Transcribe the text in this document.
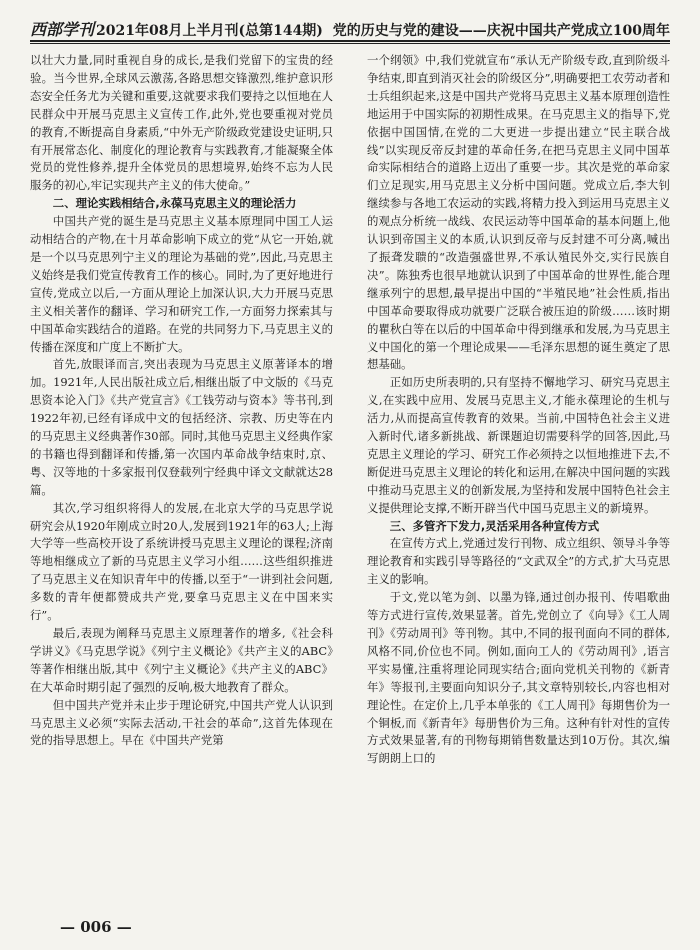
西部学刊 2021年08月上半月刊(总第144期) 党的历史与党的建设——庆祝中国共产党成立100周年

以壮大力量,同时重视自身的成长,是我们党留下的宝贵的经验。当今世界,全球风云激荡,各路思想交锋激烈,维护意识形态安全任务尤为关键和重要,这就要求我们要持之以恒地在人民群众中开展马克思主义宣传工作,此外,党也要重视对党员的教育,不断提高自身素质,“中外无产阶级政党建设史证明,只有开展常态化、制度化的理论教育与实践教育,才能凝聚全体党员的党性修养,提升全体党员的思想境界,始终不忘为人民服务的初心,牢记实现共产主义的伟大使命。”

二、理论实践相结合,永葆马克思主义的理论活力

中国共产党的诞生是马克思主义基本原理同中国工人运动相结合的产物,在十月革命影响下成立的党“从它一开始,就是一个以马克思列宁主义的理论为基础的党”,因此,马克思主义始终是我们党宣传教育工作的核心。同时,为了更好地进行宣传,党成立以后,一方面从理论上加深认识,大力开展马克思主义相关著作的翻译、学习和研究工作,一方面努力探索其与中国革命实践结合的道路。在党的共同努力下,马克思主义的传播在深度和广度上不断扩大。

首先,放眼译而言,突出表现为马克思主义原著译本的增加。1921年,人民出版社成立后,相继出版了中文版的《马克思资本论入门》《共产党宣言》《工钱劳动与资本》等书刊,到1922年初,已经有译成中文的包括经济、宗教、历史等在内的马克思主义经典著作30部。同时,其他马克思主义经典作家的书籍也得到翻译和传播,第一次国内革命战争结束时,京、粤、汉等地的十多家报刊仅登载列宁经典中译文文献就达28篇。

其次,学习组织将得人的发展,在北京大学的马克思学说研究会从1920年刚成立时20人,发展到1921年的63人;上海大学等一些高校开设了系统讲授马克思主义理论的课程;济南等地相继成立了新的马克思主义学习小组……这些组织推进了马克思主义在知识青年中的传播,以至于“一讲到社会问题,多数的青年便都赞成共产党,要拿马克思主义在中国来实行”。

最后,表现为阐释马克思主义原理著作的增多,《社会科学讲义》《马克思学说》《列宁主义概论》《共产主义的ABC》等著作相继出版,其中《列宁主义概论》《共产主义的ABC》在大革命时期引起了强烈的反响,极大地教育了群众。

但中国共产党并未止步于理论研究,中国共产党人认识到马克思主义必须“实际去活动,干社会的革命”,这首先体现在党的指导思想上。早在《中国共产党第

一个纲领》中,我们党就宣布“承认无产阶级专政,直到阶级斗争结束,即直到消灭社会的阶级区分”,明确要把工农劳动者和士兵组织起来,这是中国共产党将马克思主义基本原理创造性地运用于中国实际的初期性成果。在马克思主义的指导下,党依据中国国情,在党的二大更进一步提出建立“民主联合战线”以实现反帝反封建的革命任务,在把马克思主义同中国革命实际相结合的道路上迈出了重要一步。其次是党的革命家们立足现实,用马克思主义分析中国问题。党成立后,李大钊继续参与各地工农运动的实践,将精力投入到运用马克思主义的观点分析统一战线、农民运动等中国革命的基本问题上,他认识到帝国主义的本质,认识到反帝与反封建不可分离,喊出了振聋发聩的“改造强盛世界,不承认殖民外交,实行民族自决”。陈独秀也很早地就认识到了中国革命的世界性,能合理继承列宁的思想,最早提出中国的“半殖民地”社会性质,指出中国革命要取得成功就要广泛联合被压迫的阶级……该时期的瞿秋白等在以后的中国革命中得到继承和发展,为马克思主义中国化的第一个理论成果——毛泽东思想的诞生奠定了思想基础。

正如历史所表明的,只有坚持不懈地学习、研究马克思主义,在实践中应用、发展马克思主义,才能永葆理论的生机与活力,从而提高宣传教育的效果。当前,中国特色社会主义进入新时代,诸多新挑战、新课题迫切需要科学的回答,因此,马克思主义理论的学习、研究工作必须持之以恒地推进下去,不断促进马克思主义理论的转化和运用,在解决中国问题的实践中推动马克思主义的创新发展,为坚持和发展中国特色社会主义提供理论支撑,不断开辟当代中国马克思主义的新境界。

三、多管齐下发力,灵活采用各种宣传方式

在宣传方式上,党通过发行刊物、成立组织、领导斗争等理论教育和实践引导等路径的“文武双全”的方式,扩大马克思主义的影响。

于文,党以笔为剑、以墨为锋,通过创办报刊、传唱歌曲等方式进行宣传,效果显著。首先,党创立了《向导》《工人周刊》《劳动周刊》等刊物。其中,不同的报刊面向不同的群体,风格不同,价位也不同。例如,面向工人的《劳动周刊》,语言平实易懂,注重将理论同现实结合;面向党机关刊物的《新青年》等报刊,主要面向知识分子,其文章特别较长,内容也相对理论性。在定价上,几乎本单张的《工人周刊》每期售价为一个铜板,而《新青年》每册售价为三角。这种有针对性的宣传方式效果显著,有的刊物每期销售数量达到10万份。其次,编写朗朗上口的

— 006 —
